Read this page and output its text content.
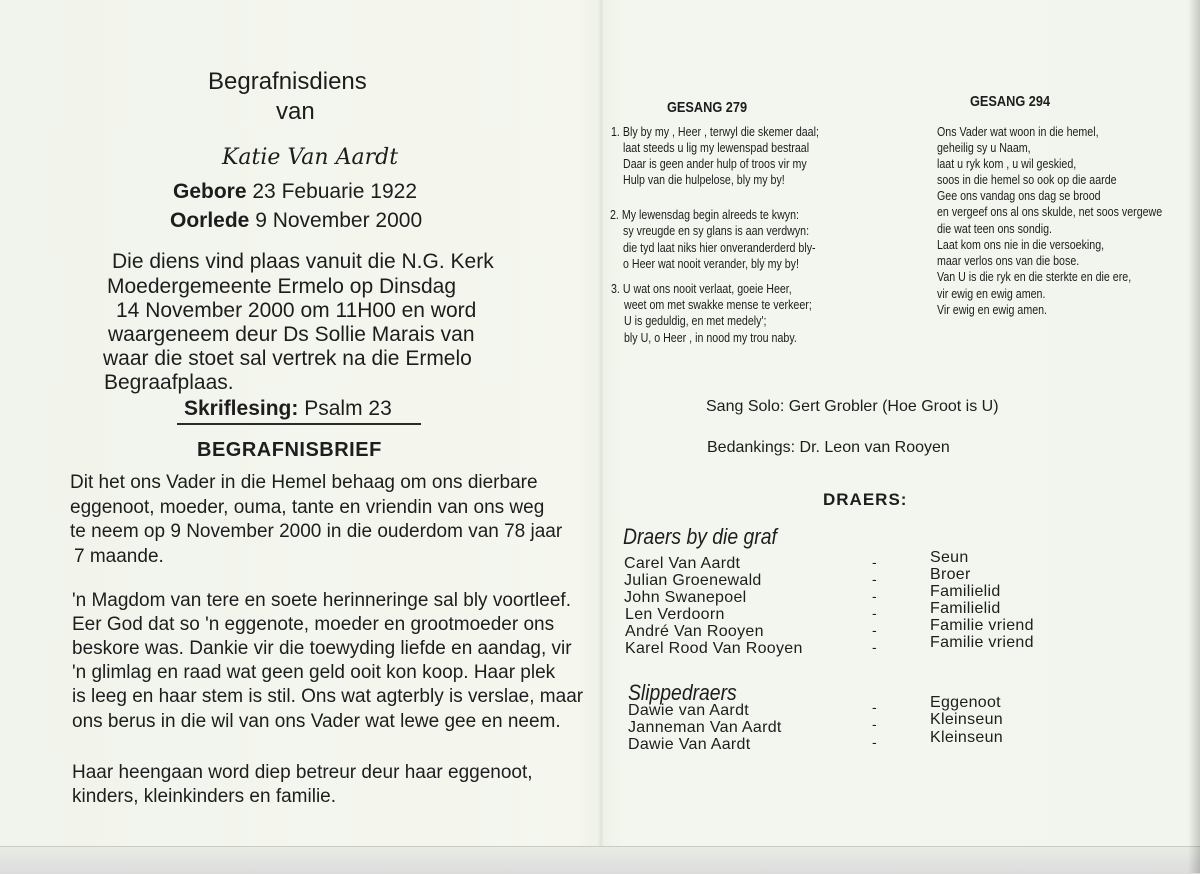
Begrafnisdiens
van
Katie Van Aardt
Gebore 23 Febuarie 1922
Oorlede 9 November 2000
Die diens vind plaas vanuit die N.G. Kerk
Moedergemeente Ermelo op Dinsdag
14 November 2000 om 11H00 en word
waargeneem deur Ds Sollie Marais van
waar die stoet sal vertrek na die Ermelo
Begraafplaas.
Skriflesing: Psalm 23
BEGRAFNISBRIEF
Dit het ons Vader in die Hemel behaag om ons dierbare
eggenoot, moeder, ouma, tante en vriendin van ons weg
te neem op 9 November 2000 in die ouderdom van 78 jaar
7 maande.
'n Magdom van tere en soete herinneringe sal bly voortleef.
Eer God dat so 'n eggenote, moeder en grootmoeder ons
beskore was. Dankie vir die toewyding liefde en aandag, vir
'n glimlag en raad wat geen geld ooit kon koop. Haar plek
is leeg en haar stem is stil. Ons wat agterbly is verslae, maar
ons berus in die wil van ons Vader wat lewe gee en neem.
Haar heengaan word diep betreur deur haar eggenoot,
kinders, kleinkinders en familie.
GESANG 279
1. Bly by my , Heer , terwyl die skemer daal;
laat steeds u lig my lewenspad bestraal
Daar is geen ander hulp of troos vir my
Hulp van die hulpelose, bly my by!
2. My lewensdag begin alreeds te kwyn:
sy vreugde en sy glans is aan verdwyn:
die tyd laat niks hier onveranderderd bly-
o Heer wat nooit verander, bly my by!
3. U wat ons nooit verlaat, goeie Heer,
weet om met swakke mense te verkeer;
U is geduldig, en met medely';
bly U, o Heer , in nood my trou naby.
GESANG 294
Ons Vader wat woon in die hemel,
geheilig sy u Naam,
laat u ryk kom , u wil geskied,
soos in die hemel so ook op die aarde
Gee ons vandag ons dag se brood
en vergeef ons al ons skulde, net soos vergewe
die wat teen ons sondig.
Laat kom ons nie in die versoeking,
maar verlos ons van die bose.
Van U is die ryk en die sterkte en die ere,
vir ewig en ewig amen.
Vir ewig en ewig amen.
Sang Solo: Gert Grobler (Hoe Groot is U)
Bedankings: Dr. Leon van Rooyen
DRAERS:
Draers by die graf
Slippedraers
Carel Van Aardt	-	Seun
Julian Groenewald	-	Broer
John Swanepoel	-	Familielid
Len Verdoorn	-	Familielid
André Van Rooyen	-	Familie vriend
Karel Rood Van Rooyen	-	Familie vriend
Dawie van Aardt	-	Eggenoot
Janneman Van Aardt	-	Kleinseun
Dawie Van Aardt	-	Kleinseun
